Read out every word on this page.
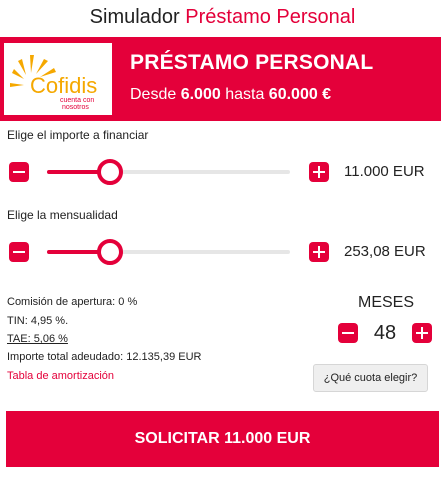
Simulador Préstamo Personal
Cofidis
cuenta con
nosotros
PRÉSTAMO PERSONAL
Desde 6.000 hasta 60.000 €
Elige el importe a financiar
11.000 EUR
Elige la mensualidad
253,08 EUR
Comisión de apertura: 0 %
TIN: 4,95 %.
TAE: 5,06 %
Importe total adeudado: 12.135,39 EUR
Tabla de amortización
MESES
48
¿Qué cuota elegir?
SOLICITAR 11.000 EUR
